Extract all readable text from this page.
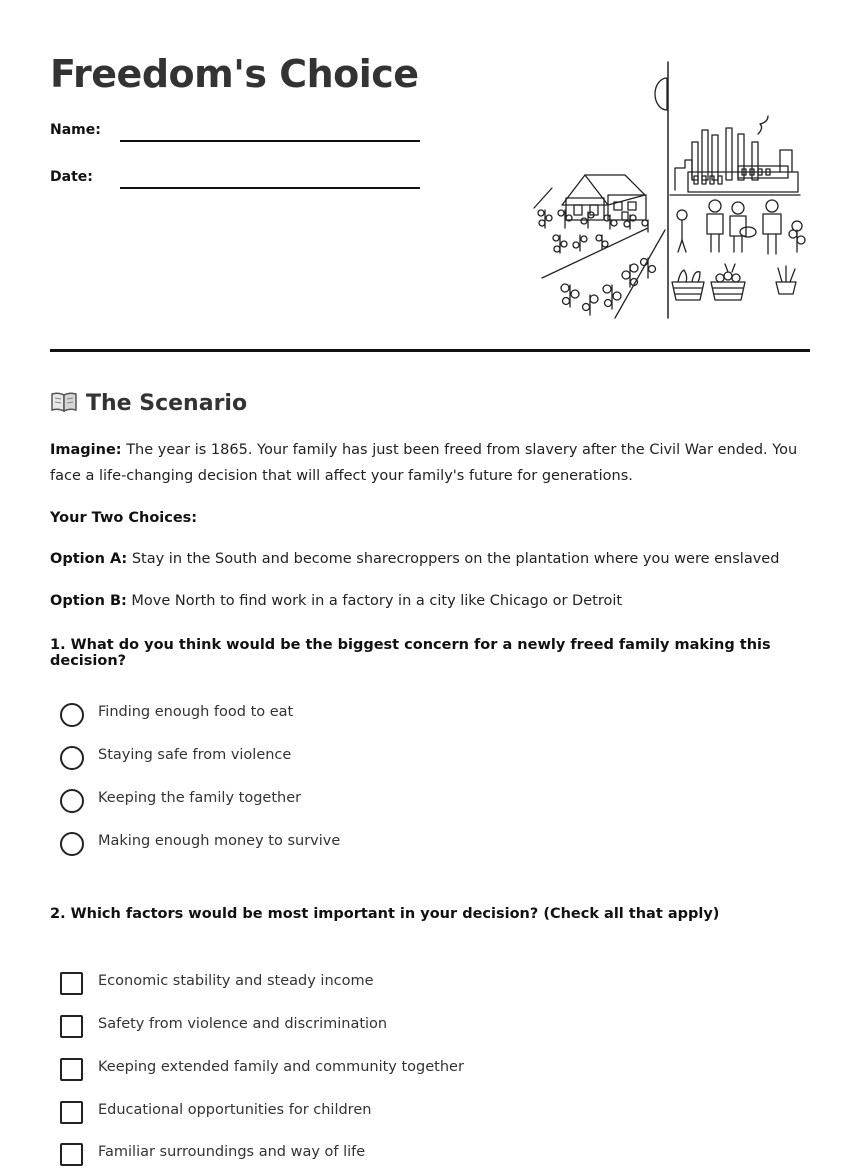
Freedom's Choice
Name:
Date:
The Scenario

Imagine: The year is 1865. Your family has just been freed from slavery after the Civil War ended. You face a life-changing decision that will affect your family's future for generations.

Your Two Choices:

Option A: Stay in the South and become sharecroppers on the plantation where you were enslaved

Option B: Move North to find work in a factory in a city like Chicago or Detroit

1. What do you think would be the biggest concern for a newly freed family making this decision?

Finding enough food to eat
Staying safe from violence
Keeping the family together
Making enough money to survive

2. Which factors would be most important in your decision? (Check all that apply)

Economic stability and steady income
Safety from violence and discrimination
Keeping extended family and community together
Educational opportunities for children
Familiar surroundings and way of life
